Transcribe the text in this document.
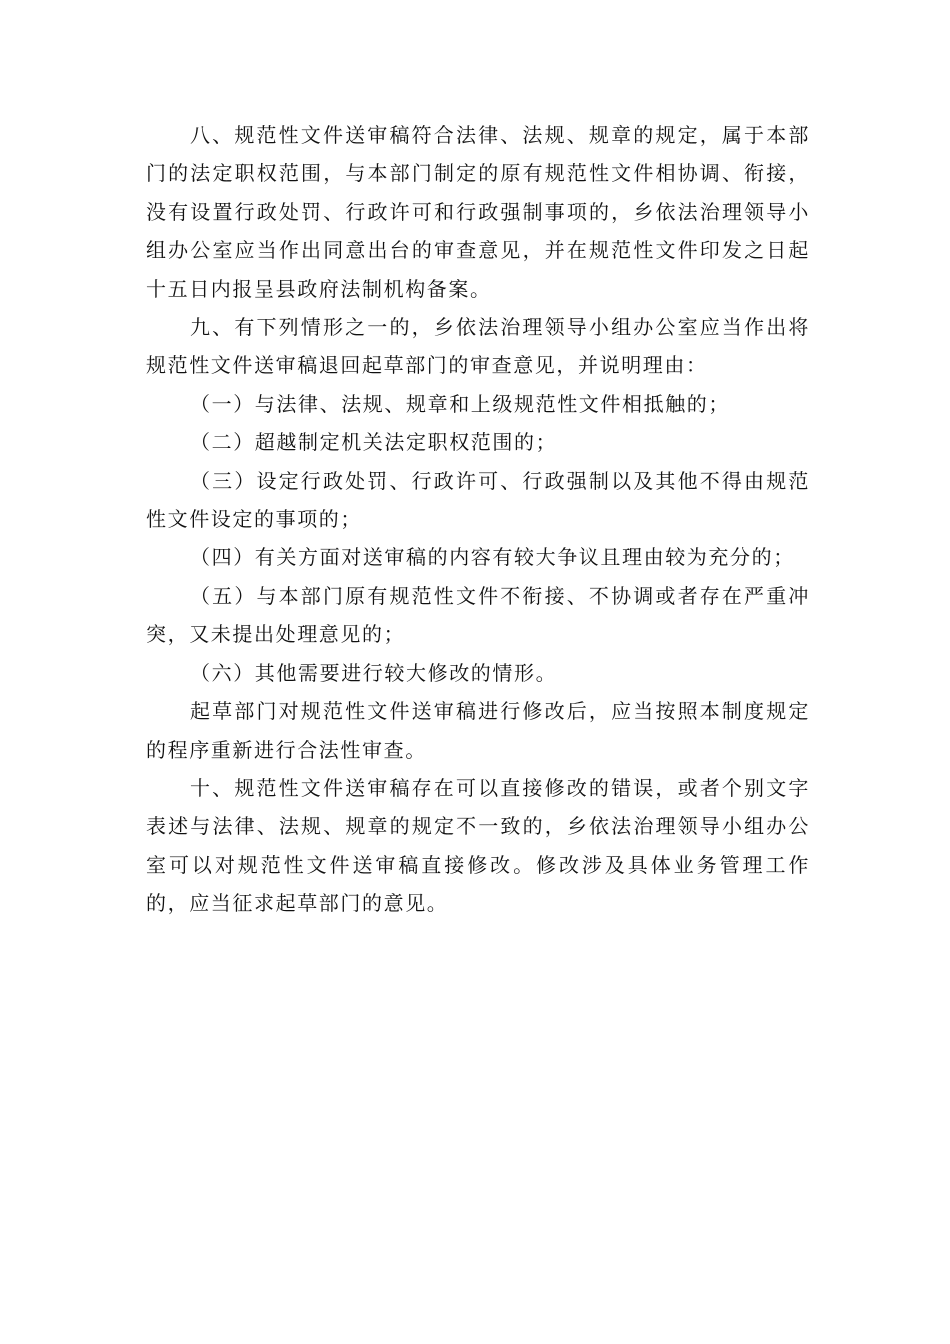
八、规范性文件送审稿符合法律、法规、规章的规定，属于本部门的法定职权范围，与本部门制定的原有规范性文件相协调、衔接，没有设置行政处罚、行政许可和行政强制事项的，乡依法治理领导小组办公室应当作出同意出台的审查意见，并在规范性文件印发之日起十五日内报呈县政府法制机构备案。

九、有下列情形之一的，乡依法治理领导小组办公室应当作出将规范性文件送审稿退回起草部门的审查意见，并说明理由：

（一）与法律、法规、规章和上级规范性文件相抵触的；

（二）超越制定机关法定职权范围的；

（三）设定行政处罚、行政许可、行政强制以及其他不得由规范性文件设定的事项的；

（四）有关方面对送审稿的内容有较大争议且理由较为充分的；

（五）与本部门原有规范性文件不衔接、不协调或者存在严重冲突，又未提出处理意见的；

（六）其他需要进行较大修改的情形。

起草部门对规范性文件送审稿进行修改后，应当按照本制度规定的程序重新进行合法性审查。

十、规范性文件送审稿存在可以直接修改的错误，或者个别文字表述与法律、法规、规章的规定不一致的，乡依法治理领导小组办公室可以对规范性文件送审稿直接修改。修改涉及具体业务管理工作的，应当征求起草部门的意见。
